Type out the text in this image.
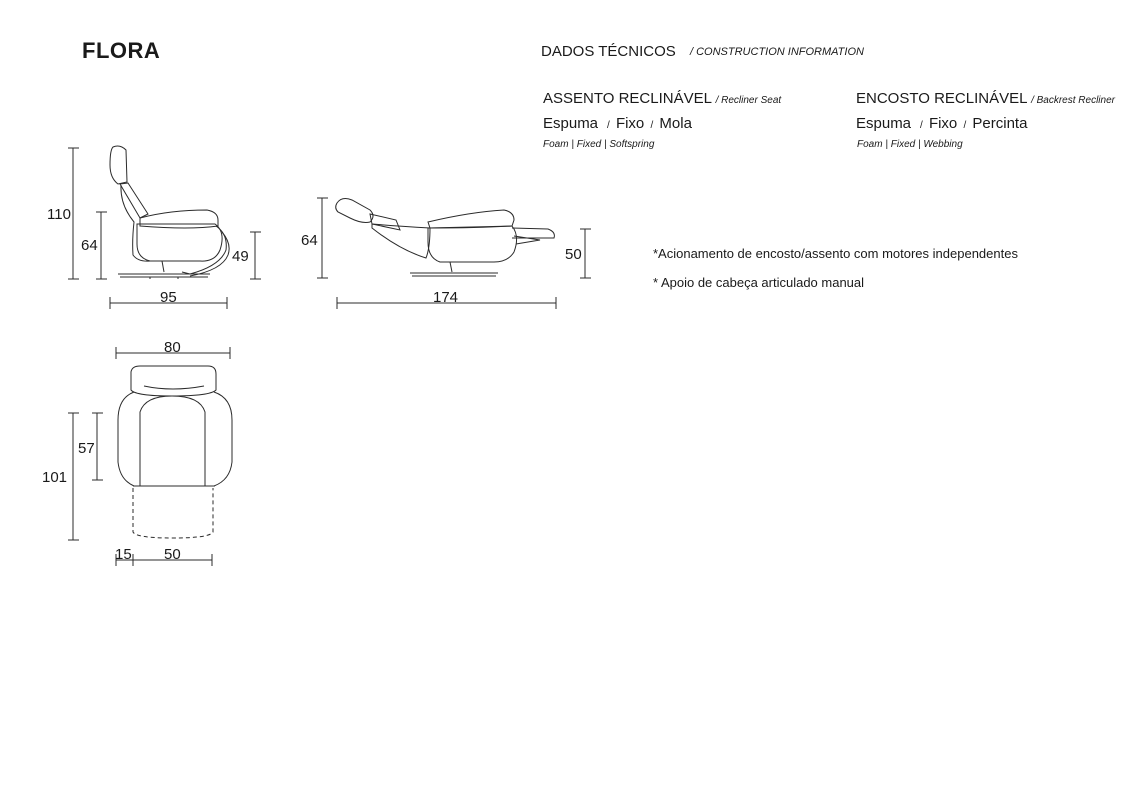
FLORA	DADOS TÉCNICOS / CONSTRUCTION INFORMATION
ASSENTO RECLINÁVEL / Recliner Seat
Espuma  / Fixo / Mola
Foam | Fixed | Softspring
ENCOSTO RECLINÁVEL / Backrest Recliner
Espuma  / Fixo / Percinta
Foam | Fixed | Webbing
*Acionamento de encosto/assento com motores independentes
* Apoio de cabeça articulado manual
110
64
49
95
64
50
174
80
101
57
15 50
